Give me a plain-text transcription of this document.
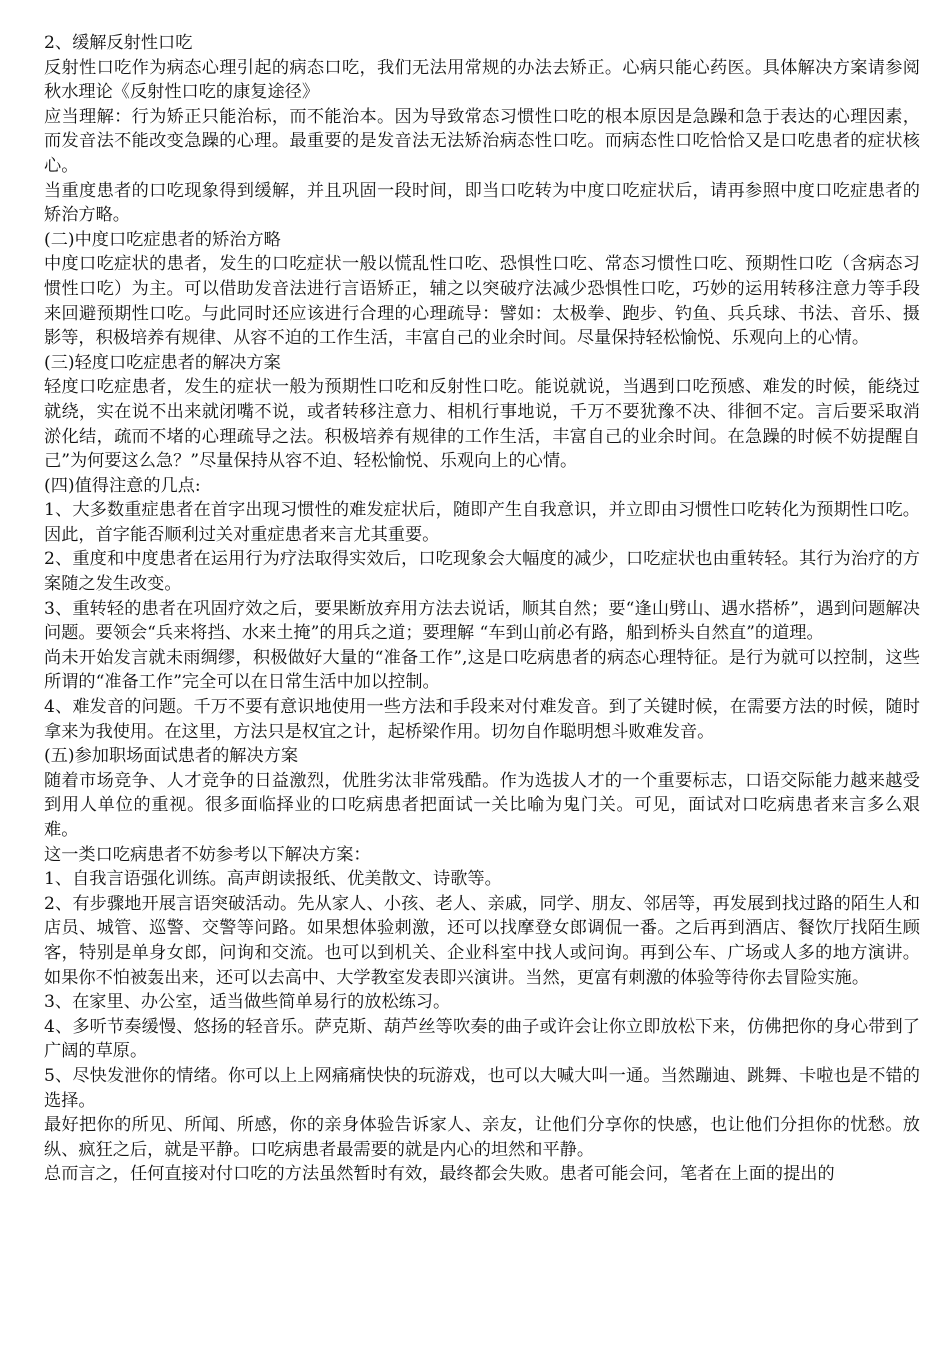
2、缓解反射性口吃

反射性口吃作为病态心理引起的病态口吃，我们无法用常规的办法去矫正。心病只能心药医。具体解决方案请参阅秋水理论《反射性口吃的康复途径》

应当理解：行为矫正只能治标，而不能治本。因为导致常态习惯性口吃的根本原因是急躁和急于表达的心理因素，而发音法不能改变急躁的心理。最重要的是发音法无法矫治病态性口吃。而病态性口吃恰恰又是口吃患者的症状核心。

当重度患者的口吃现象得到缓解，并且巩固一段时间，即当口吃转为中度口吃症状后，请再参照中度口吃症患者的矫治方略。

(二)中度口吃症患者的矫治方略

中度口吃症状的患者，发生的口吃症状一般以慌乱性口吃、恐惧性口吃、常态习惯性口吃、预期性口吃（含病态习惯性口吃）为主。可以借助发音法进行言语矫正，辅之以突破疗法减少恐惧性口吃，巧妙的运用转移注意力等手段来回避预期性口吃。与此同时还应该进行合理的心理疏导：譬如：太极拳、跑步、钓鱼、兵兵球、书法、音乐、摄影等，积极培养有规律、从容不迫的工作生活，丰富自己的业余时间。尽量保持轻松愉悦、乐观向上的心情。

(三)轻度口吃症患者的解决方案

轻度口吃症患者，发生的症状一般为预期性口吃和反射性口吃。能说就说，当遇到口吃预感、难发的时候，能绕过就绕，实在说不出来就闭嘴不说，或者转移注意力、相机行事地说，千万不要犹豫不决、徘徊不定。言后要采取消淤化结，疏而不堵的心理疏导之法。积极培养有规律的工作生活，丰富自己的业余时间。在急躁的时候不妨提醒自己”为何要这么急？”尽量保持从容不迫、轻松愉悦、乐观向上的心情。

(四)值得注意的几点:

1、大多数重症患者在首字出现习惯性的难发症状后，随即产生自我意识，并立即由习惯性口吃转化为预期性口吃。因此，首字能否顺利过关对重症患者来言尤其重要。

2、重度和中度患者在运用行为疗法取得实效后，口吃现象会大幅度的减少，口吃症状也由重转轻。其行为治疗的方案随之发生改变。

3、重转轻的患者在巩固疗效之后，要果断放弃用方法去说话，顺其自然；要“逢山劈山、遇水搭桥”，遇到问题解决问题。要领会“兵来将挡、水来土掩”的用兵之道；要理解 “车到山前必有路，船到桥头自然直”的道理。

尚未开始发言就未雨绸缪，积极做好大量的“准备工作”,这是口吃病患者的病态心理特征。是行为就可以控制，这些所谓的“准备工作”完全可以在日常生活中加以控制。

4、难发音的问题。千万不要有意识地使用一些方法和手段来对付难发音。到了关键时候，在需要方法的时候，随时拿来为我使用。在这里，方法只是权宜之计，起桥梁作用。切勿自作聪明想斗败难发音。

(五)参加职场面试患者的解决方案

随着市场竞争、人才竞争的日益激烈，优胜劣汰非常残酷。作为选拔人才的一个重要标志，口语交际能力越来越受到用人单位的重视。很多面临择业的口吃病患者把面试一关比喻为鬼门关。可见，面试对口吃病患者来言多么艰难。

这一类口吃病患者不妨参考以下解决方案：

1、自我言语强化训练。高声朗读报纸、优美散文、诗歌等。

2、有步骤地开展言语突破活动。先从家人、小孩、老人、亲戚，同学、朋友、邻居等，再发展到找过路的陌生人和店员、城管、巡警、交警等问路。如果想体验刺激，还可以找摩登女郎调侃一番。之后再到酒店、餐饮厅找陌生顾客，特别是单身女郎，问询和交流。也可以到机关、企业科室中找人或问询。再到公车、广场或人多的地方演讲。如果你不怕被轰出来，还可以去高中、大学教室发表即兴演讲。当然，更富有刺激的体验等待你去冒险实施。

3、在家里、办公室，适当做些简单易行的放松练习。

4、多听节奏缓慢、悠扬的轻音乐。萨克斯、葫芦丝等吹奏的曲子或许会让你立即放松下来，仿佛把你的身心带到了广阔的草原。

5、尽快发泄你的情绪。你可以上上网痛痛快快的玩游戏，也可以大喊大叫一通。当然蹦迪、跳舞、卡啦也是不错的选择。

最好把你的所见、所闻、所感，你的亲身体验告诉家人、亲友，让他们分享你的快感，也让他们分担你的忧愁。放纵、疯狂之后，就是平静。口吃病患者最需要的就是内心的坦然和平静。

总而言之，任何直接对付口吃的方法虽然暂时有效，最终都会失败。患者可能会问，笔者在上面的提出的
